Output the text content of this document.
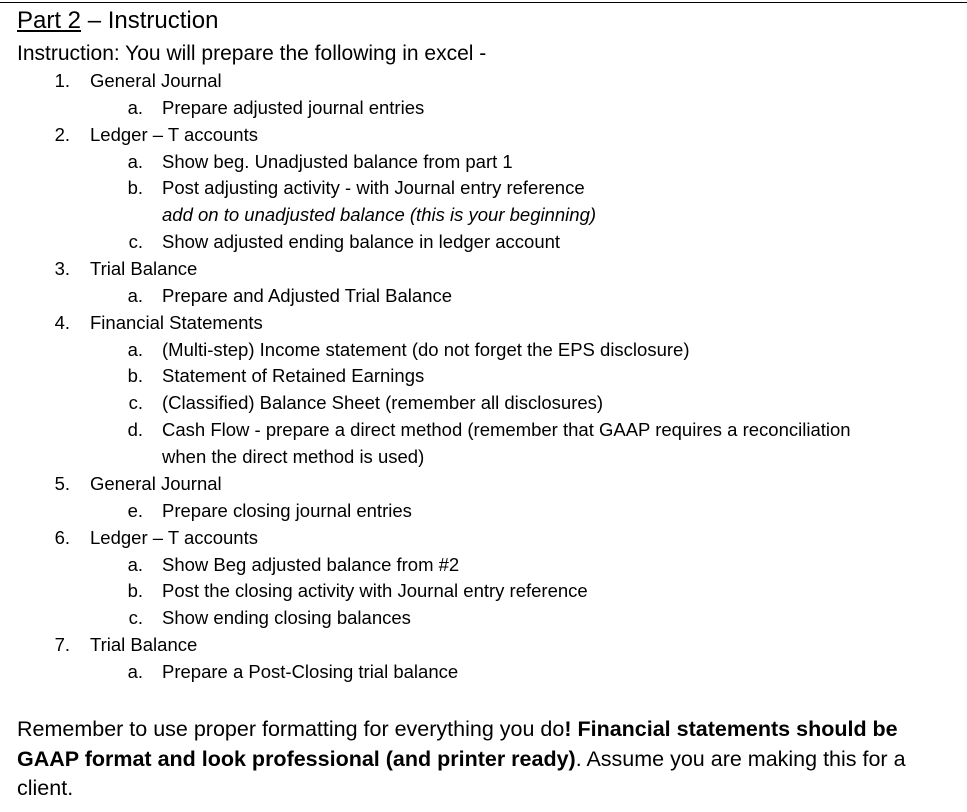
Part 2 – Instruction
Instruction: You will prepare the following in excel -
1. General Journal
a. Prepare adjusted journal entries
2. Ledger – T accounts
a. Show beg. Unadjusted balance from part 1
b. Post adjusting activity - with Journal entry reference
add on to unadjusted balance (this is your beginning)
c. Show adjusted ending balance in ledger account
3. Trial Balance
a. Prepare and Adjusted Trial Balance
4. Financial Statements
a. (Multi-step) Income statement (do not forget the EPS disclosure)
b. Statement of Retained Earnings
c. (Classified) Balance Sheet (remember all disclosures)
d. Cash Flow - prepare a direct method (remember that GAAP requires a reconciliation
when the direct method is used)
5. General Journal
e. Prepare closing journal entries
6. Ledger – T accounts
a. Show Beg adjusted balance from #2
b. Post the closing activity with Journal entry reference
c. Show ending closing balances
7. Trial Balance
a. Prepare a Post-Closing trial balance
Remember to use proper formatting for everything you do! Financial statements should be GAAP format and look professional (and printer ready). Assume you are making this for a client.
